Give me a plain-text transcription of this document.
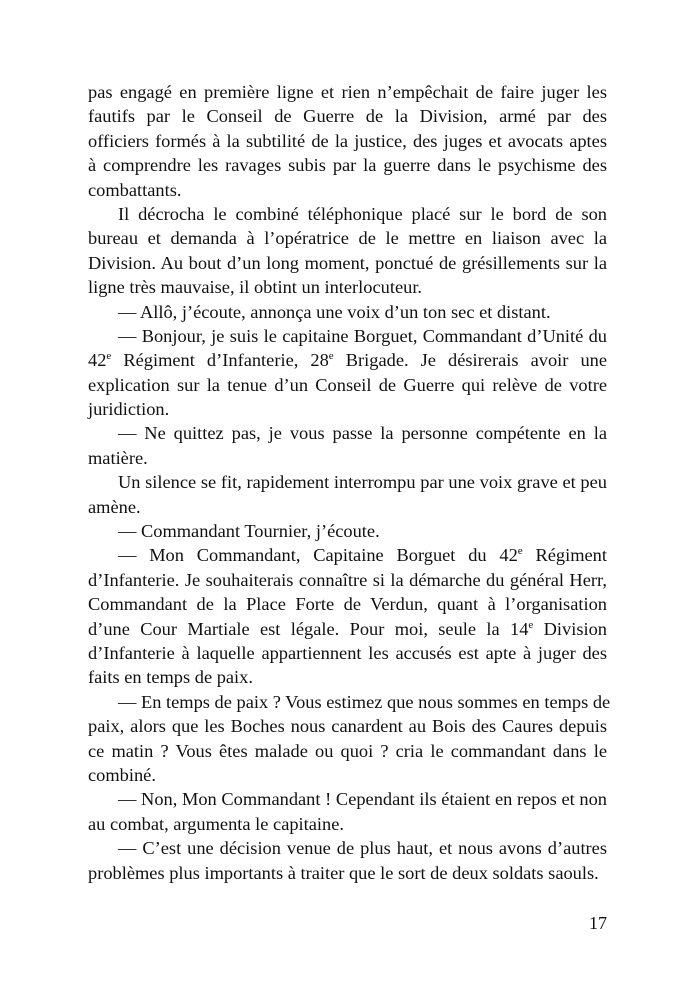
pas engagé en première ligne et rien n’empêchait de faire juger les
fautifs par le Conseil de Guerre de la Division, armé par des
officiers formés à la subtilité de la justice, des juges et avocats aptes
à comprendre les ravages subis par la guerre dans le psychisme des
combattants.
Il décrocha le combiné téléphonique placé sur le bord de son
bureau et demanda à l’opératrice de le mettre en liaison avec la
Division. Au bout d’un long moment, ponctué de grésillements sur la
ligne très mauvaise, il obtint un interlocuteur.
— Allô, j’écoute, annonça une voix d’un ton sec et distant.
— Bonjour, je suis le capitaine Borguet, Commandant d’Unité du
42e Régiment d’Infanterie, 28e Brigade. Je désirerais avoir une
explication sur la tenue d’un Conseil de Guerre qui relève de votre
juridiction.
— Ne quittez pas, je vous passe la personne compétente en la
matière.
Un silence se fit, rapidement interrompu par une voix grave et peu
amène.
— Commandant Tournier, j’écoute.
— Mon Commandant, Capitaine Borguet du 42e Régiment
d’Infanterie. Je souhaiterais connaître si la démarche du général Herr,
Commandant de la Place Forte de Verdun, quant à l’organisation
d’une Cour Martiale est légale. Pour moi, seule la 14e Division
d’Infanterie à laquelle appartiennent les accusés est apte à juger des
faits en temps de paix.
— En temps de paix ? Vous estimez que nous sommes en temps de
paix, alors que les Boches nous canardent au Bois des Caures depuis
ce matin ? Vous êtes malade ou quoi ? cria le commandant dans le
combiné.
— Non, Mon Commandant ! Cependant ils étaient en repos et non
au combat, argumenta le capitaine.
— C’est une décision venue de plus haut, et nous avons d’autres
problèmes plus importants à traiter que le sort de deux soldats saouls.
17
